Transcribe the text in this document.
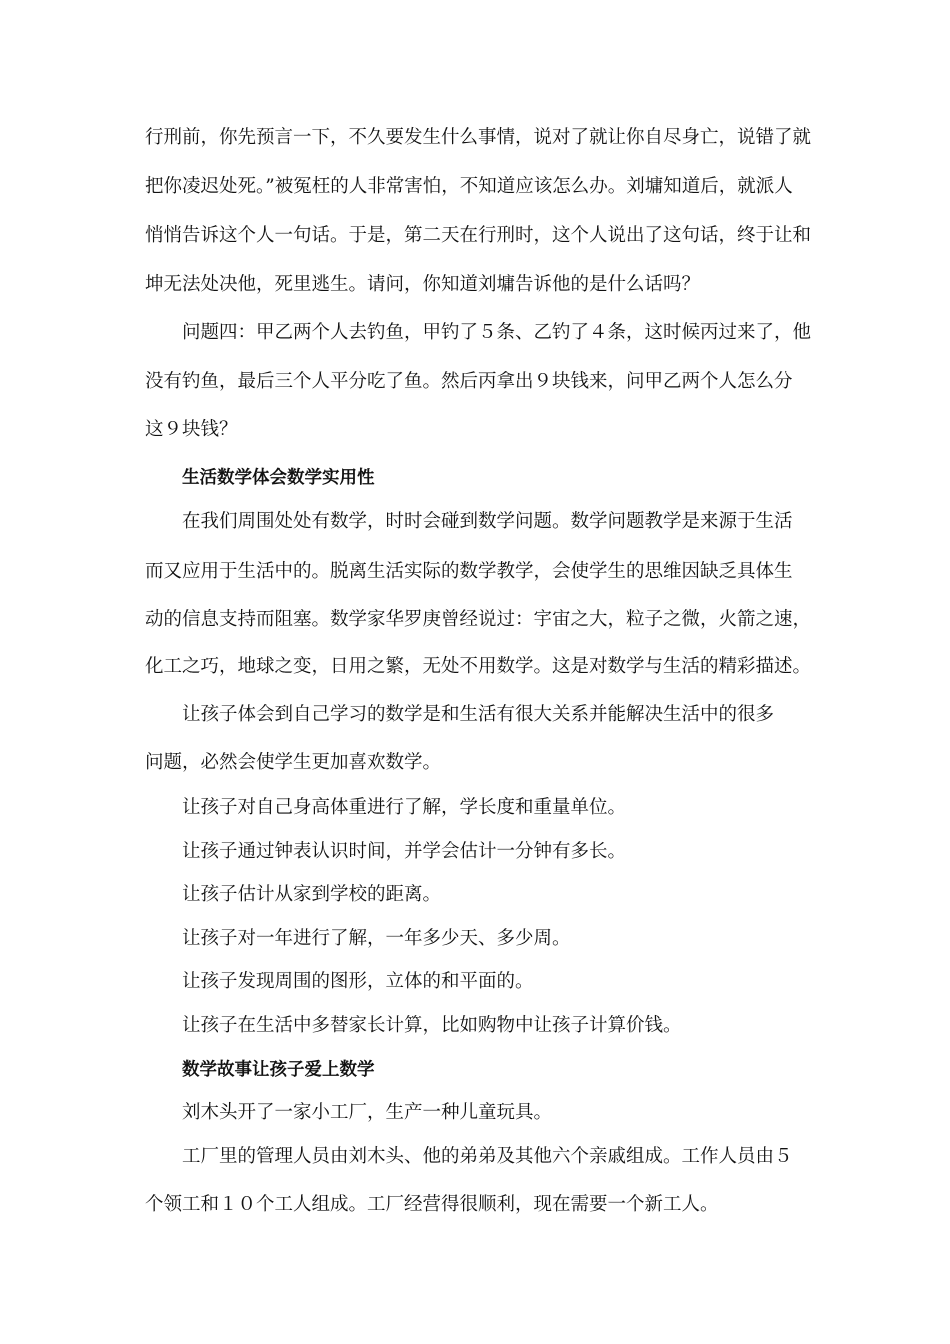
行刑前，你先预言一下，不久要发生什么事情，说对了就让你自尽身亡，说错了就

把你凌迟处死。”被冤枉的人非常害怕，不知道应该怎么办。刘墉知道后，就派人

悄悄告诉这个人一句话。于是，第二天在行刑时，这个人说出了这句话，终于让和

坤无法处决他，死里逃生。请问，你知道刘墉告诉他的是什么话吗？

问题四：甲乙两个人去钓鱼，甲钓了５条、乙钓了４条，这时候丙过来了，他

没有钓鱼，最后三个人平分吃了鱼。然后丙拿出９块钱来，问甲乙两个人怎么分

这９块钱？

生活数学体会数学实用性

在我们周围处处有数学，时时会碰到数学问题。数学问题教学是来源于生活

而又应用于生活中的。脱离生活实际的数学教学，会使学生的思维因缺乏具体生

动的信息支持而阻塞。数学家华罗庚曾经说过：宇宙之大，粒子之微，火箭之速，

化工之巧，地球之变，日用之繁，无处不用数学。这是对数学与生活的精彩描述。

让孩子体会到自己学习的数学是和生活有很大关系并能解决生活中的很多

问题，必然会使学生更加喜欢数学。

让孩子对自己身高体重进行了解，学长度和重量单位。

让孩子通过钟表认识时间，并学会估计一分钟有多长。

让孩子估计从家到学校的距离。

让孩子对一年进行了解，一年多少天、多少周。

让孩子发现周围的图形，立体的和平面的。

让孩子在生活中多替家长计算，比如购物中让孩子计算价钱。

数学故事让孩子爱上数学

刘木头开了一家小工厂，生产一种儿童玩具。

工厂里的管理人员由刘木头、他的弟弟及其他六个亲戚组成。工作人员由５

个领工和１０个工人组成。工厂经营得很顺利，现在需要一个新工人。
